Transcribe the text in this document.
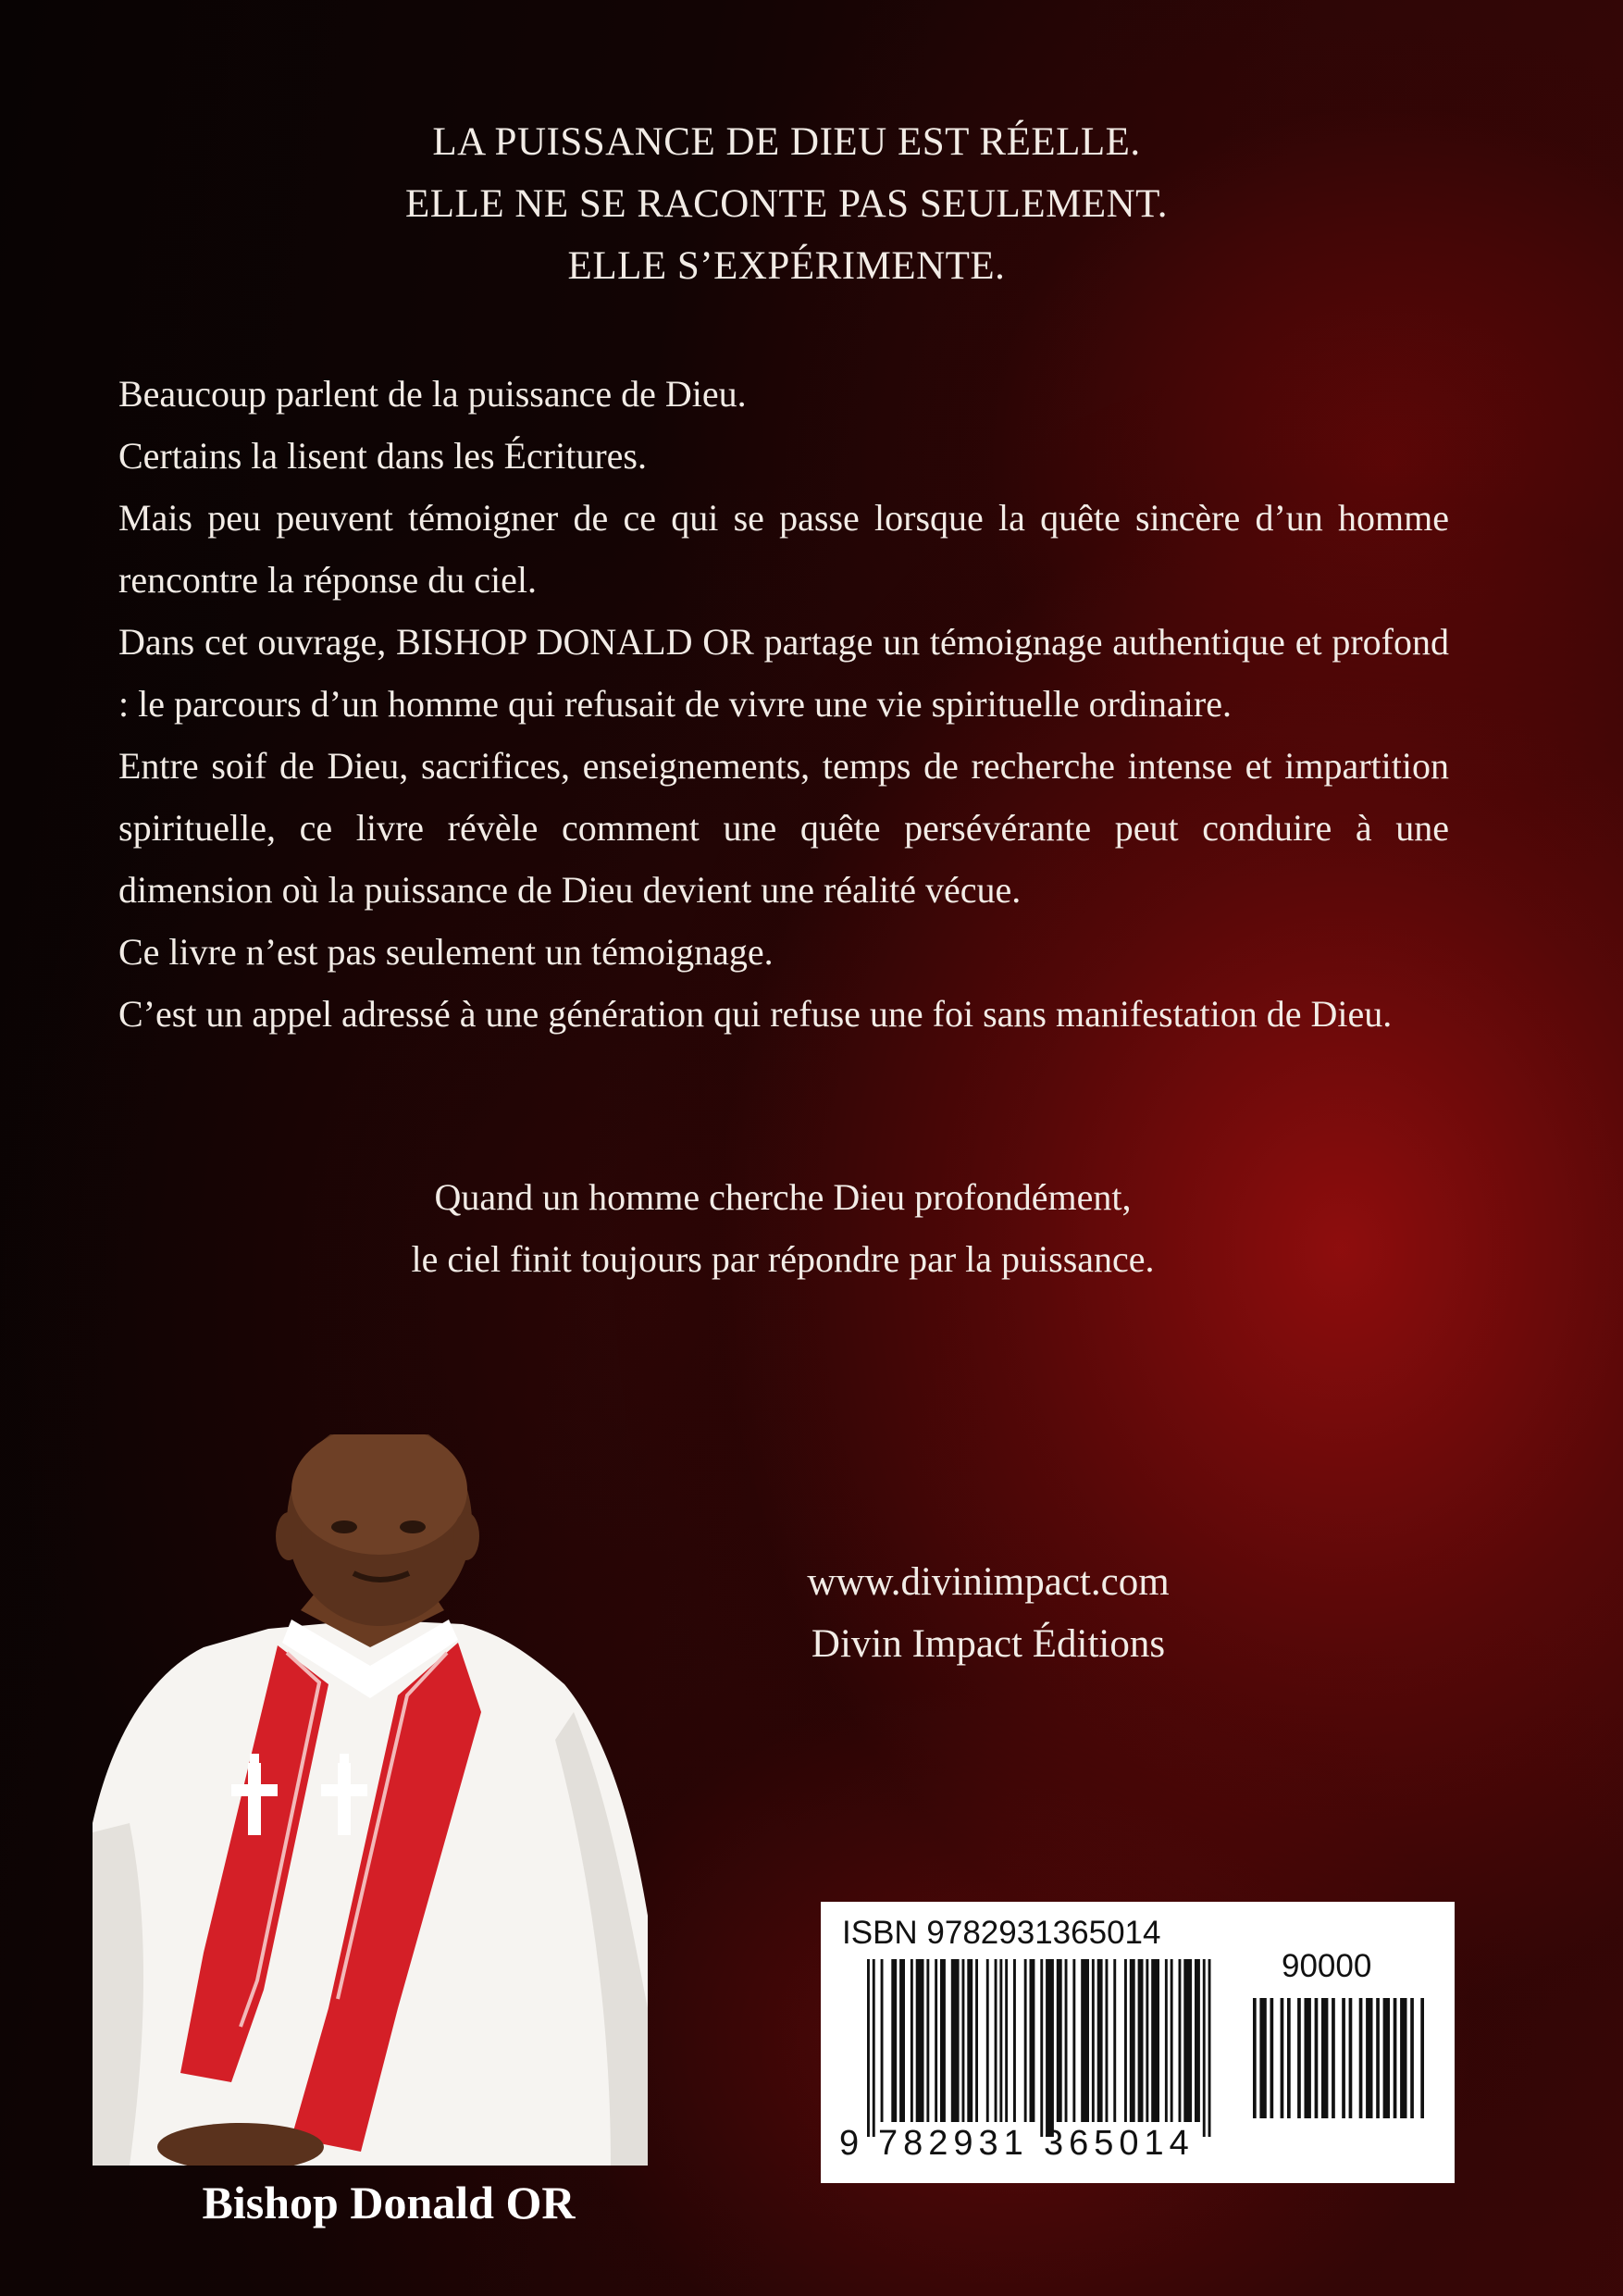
LA PUISSANCE DE DIEU EST RÉELLE.
ELLE NE SE RACONTE PAS SEULEMENT.
ELLE S’EXPÉRIMENTE.

Beaucoup parlent de la puissance de Dieu.

Certains la lisent dans les Écritures.

Mais peu peuvent témoigner de ce qui se passe lorsque la quête sincère d’un homme rencontre la réponse du ciel.

Dans cet ouvrage, BISHOP DONALD OR partage un témoignage authentique et profond : le parcours d’un homme qui refusait de vivre une vie spirituelle ordinaire.

Entre soif de Dieu, sacrifices, enseignements, temps de recherche intense et impartition spirituelle, ce livre révèle comment une quête persévérante peut conduire à une dimension où la puissance de Dieu devient une réalité vécue.

Ce livre n’est pas seulement un témoignage.

C’est un appel adressé à une génération qui refuse une foi sans manifestation de Dieu.

Quand un homme cherche Dieu profondément,
le ciel finit toujours par répondre par la puissance.
www.divinimpact.com
Divin Impact Éditions
Bishop Donald OR
ISBN 9782931365014
90000
9 782931 365014
